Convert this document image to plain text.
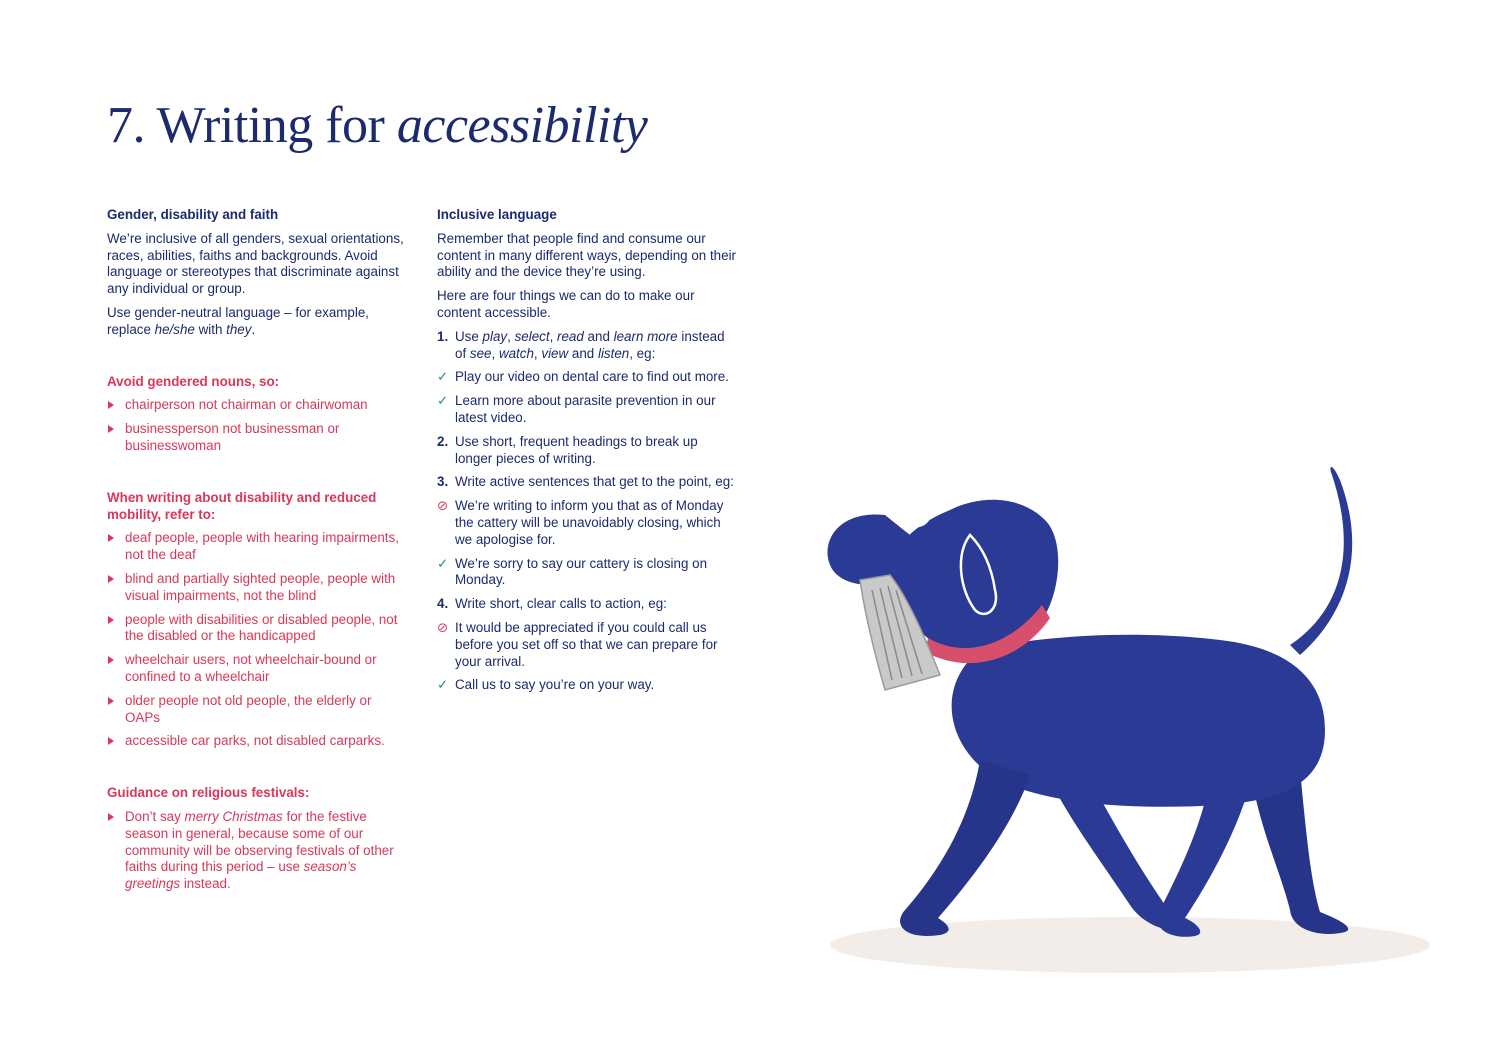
7. Writing for accessibility
Gender, disability and faith

We’re inclusive of all genders, sexual orientations, races, abilities, faiths and backgrounds. Avoid language or stereotypes that discriminate against any individual or group.

Use gender-neutral language – for example, replace he/she with they.

Avoid gendered nouns, so:
chairperson not chairman or chairwoman
businessperson not businessman or businesswoman
When writing about disability and reduced mobility, refer to:
deaf people, people with hearing impairments, not the deaf
blind and partially sighted people, people with visual impairments, not the blind
people with disabilities or disabled people, not the disabled or the handicapped
wheelchair users, not wheelchair-bound or confined to a wheelchair
older people not old people, the elderly or OAPs
accessible car parks, not disabled carparks.
Guidance on religious festivals:
Don’t say merry Christmas for the festive season in general, because some of our community will be observing festivals of other faiths during this period – use season’s greetings instead.
Inclusive language

Remember that people find and consume our content in many different ways, depending on their ability and the device they’re using.

Here are four things we can do to make our content accessible.

1. Use play, select, read and learn more instead of see, watch, view and listen, eg:
✓ Play our video on dental care to find out more.
✓ Learn more about parasite prevention in our latest video.
2. Use short, frequent headings to break up longer pieces of writing.
3. Write active sentences that get to the point, eg:
⊘ We’re writing to inform you that as of Monday the cattery will be unavoidably closing, which we apologise for.
✓ We’re sorry to say our cattery is closing on Monday.
4. Write short, clear calls to action, eg:
⊘ It would be appreciated if you could call us before you set off so that we can prepare for your arrival.
✓ Call us to say you’re on your way.
